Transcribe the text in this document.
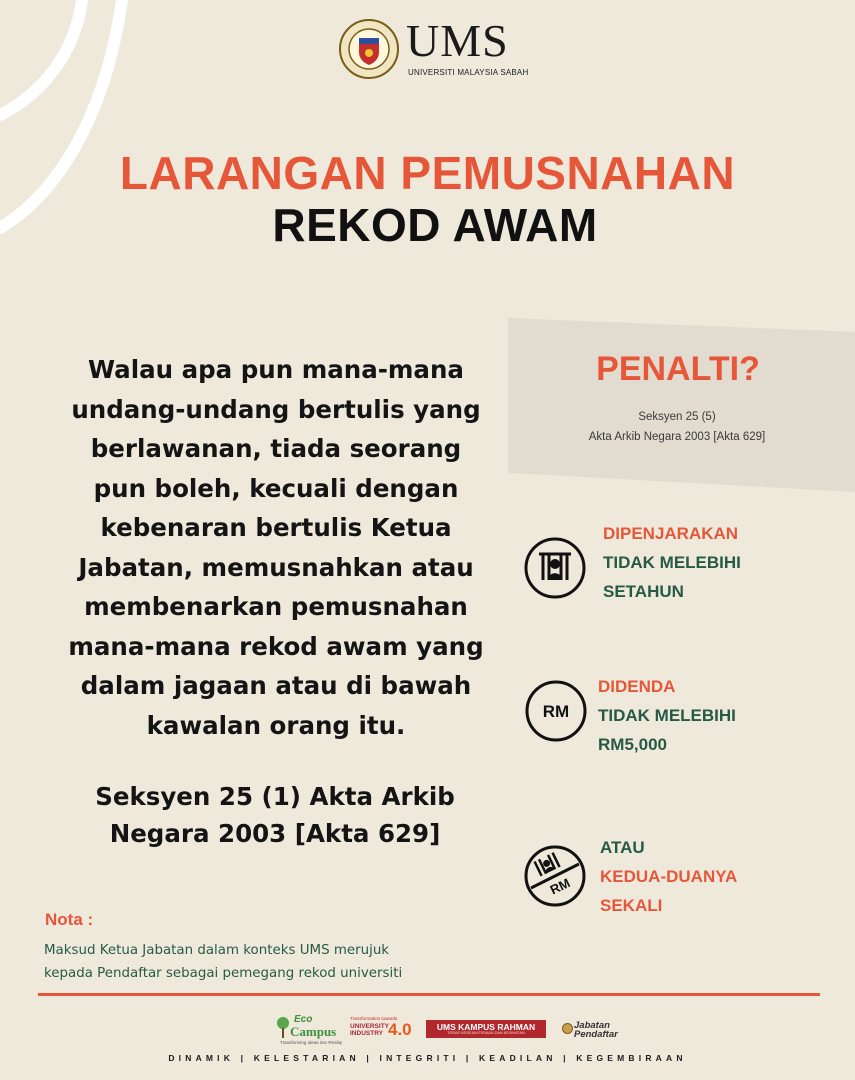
UMS
UNIVERSITI MALAYSIA SABAH
LARANGAN PEMUSNAHAN
REKOD AWAM
Walau apa pun mana-mana
undang-undang bertulis yang
berlawanan, tiada seorang
pun boleh, kecuali dengan
kebenaran bertulis Ketua
Jabatan, memusnahkan atau
membenarkan pemusnahan
mana-mana rekod awam yang
dalam jagaan atau di bawah
kawalan orang itu.
Seksyen 25 (1) Akta Arkib
Negara 2003 [Akta 629]
PENALTI?
Seksyen 25 (5)
Akta Arkib Negara 2003 [Akta 629]
DIPENJARAKAN
TIDAK MELEBIHI
SETAHUN
RM
DIDENDA
TIDAK MELEBIHI
RM5,000
RM
ATAU
KEDUA-DUANYA
SEKALI
Nota :
Maksud Ketua Jabatan dalam konteks UMS merujuk
kepada Pendaftar sebagai pemegang rekod universiti
Eco
Campus
Transforming Ideas into Reality
Transformation towards
UNIVERSITY
INDUSTRY 4.0	UMS KAMPUS RAHMAN
TERAS KESEJAHTERAAN DAN KESIHATAN
Jabatan
Pendaftar
DINAMIK | KELESTARIAN | INTEGRITI | KEADILAN | KEGEMBIRAAN
